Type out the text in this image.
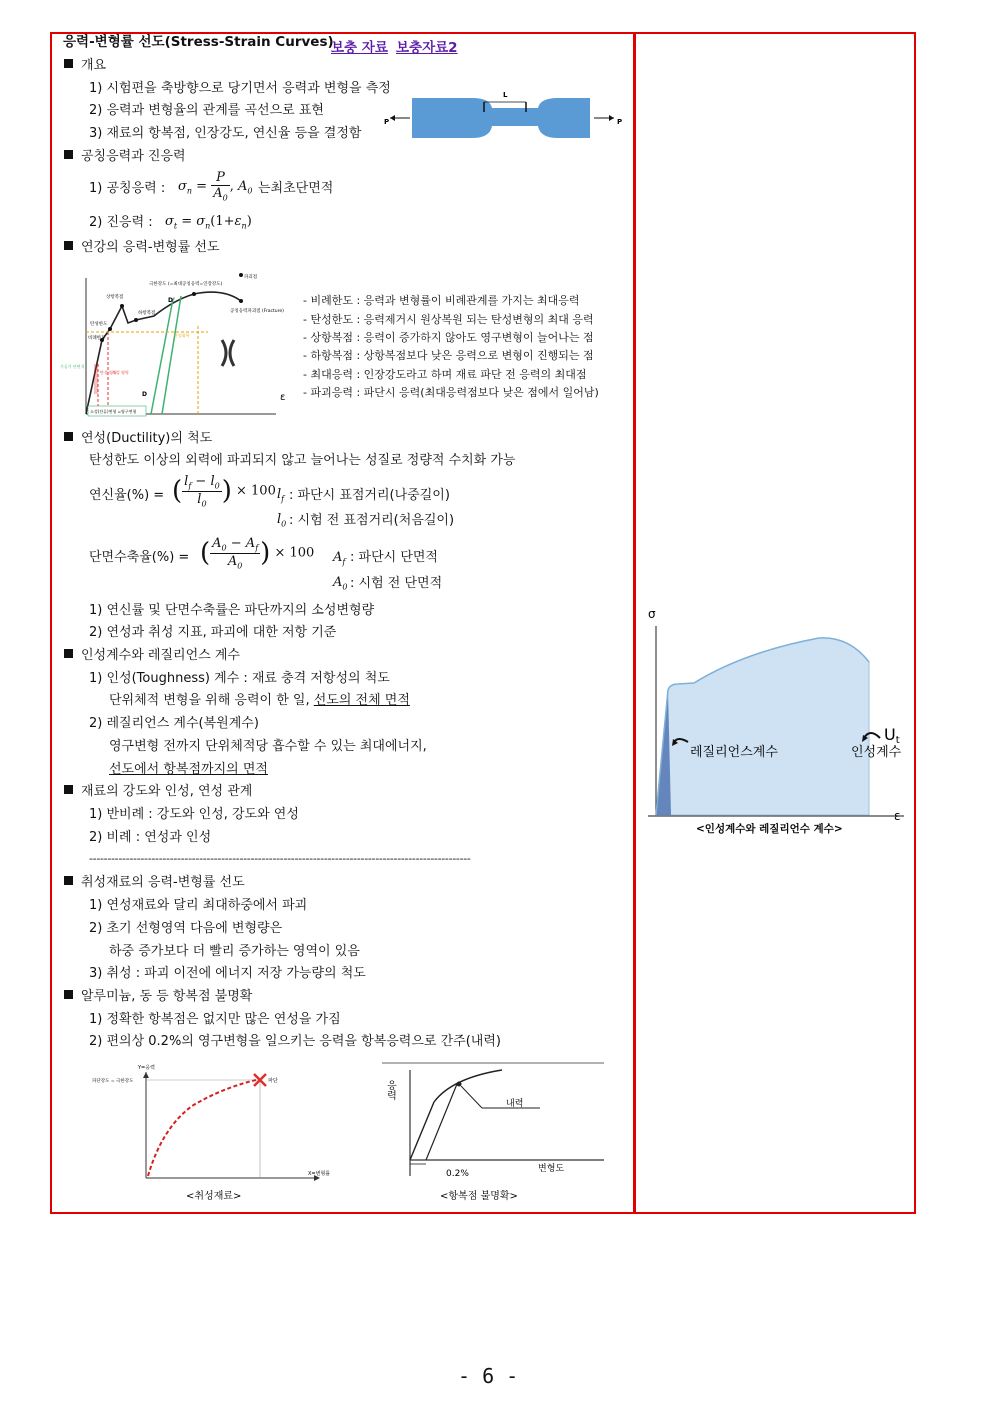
응력-변형률 선도(Stress-Strain Curves)
보충 자료 보충자료2
개요
1) 시험편을 축방향으로 당기면서 응력과 변형을 측정
2) 응력과 변형율의 관계를 곡선으로 표현
3) 재료의 항복점, 인장강도, 연신율 등을 결정함
L
P	P
공칭응력과 진응력
1) 공칭응력 : $\sigma_n = \frac{P}{A_0}$ , $A_0$ 는최초단면적
2) 진응력 : $\sigma_t = \sigma_n(1+\varepsilon_n)$
연강의 응력-변형률 선도
ε
파괴점
극한강도 (=최대공칭응력=인장강도)
공칭응력파괴점 (Fracture)
상항복점
하항복점
탄성한도
비례한도
D'
D
탄성 영역
소성 영역
가공기 단면적
탄성회복
소성(잔류)변형 =영구변형
- 비례한도 : 응력과 변형률이 비례관계를 가지는 최대응력
- 탄성한도 : 응력제거시 원상복원 되는 탄성변형의 최대 응력
- 상항복점 : 응력이 증가하지 않아도 영구변형이 늘어나는 점
- 하항복점 : 상항복점보다 낮은 응력으로 변형이 진행되는 점
- 최대응력 : 인장강도라고 하며 재료 파단 전 응력의 최대점
- 파괴응력 : 파단시 응력(최대응력점보다 낮은 점에서 일어남)
연성(Ductility)의 척도
탄성한도 이상의 외력에 파괴되지 않고 늘어나는 성질로 정량적 수치화 가능
연신율(%) = ( $\frac{l_f - l_0}{l_0}$ ) × 100 $l_f$ : 파단시 표점거리(나중길이)
$l_0$ : 시험 전 표점거리(처음길이)
단면수축율(%) = ( $\frac{A_0 - A_f}{A_0}$ ) × 100 $A_f$ : 파단시 단면적
$A_0$ : 시험 전 단면적
1) 연신률 및 단면수축률은 파단까지의 소성변형량
2) 연성과 취성 지표, 파괴에 대한 저항 기준
인성계수와 레질리언스 계수
1) 인성(Toughness) 계수 : 재료 충격 저항성의 척도
단위체적 변형을 위해 응력이 한 일, 선도의 전체 면적
2) 레질리언스 계수(복원계수)
영구변형 전까지 단위체적당 흡수할 수 있는 최대에너지,
선도에서 항복점까지의 면적
재료의 강도와 인성, 연성 관계
1) 반비례 : 강도와 인성, 강도와 연성
2) 비례 : 연성과 인성
--------------------------------------------------------------------------------------------------------
취성재료의 응력-변형률 선도
1) 연성재료와 달리 최대하중에서 파괴
2) 초기 선형영역 다음에 변형량은
하중 증가보다 더 빨리 증가하는 영역이 있음
3) 취성 : 파괴 이전에 에너지 저장 가능량의 척도
알루미늄, 동 등 항복점 불명확
1) 정확한 항복점은 없지만 많은 연성을 가짐
2) 편의상 0.2%의 영구변형을 일으키는 응력을 항복응력으로 간주(내력)
Y=응력
X=변형률
파단강도 = 극한강도	파단
<취성재료>
응력
변형도
내력
0.2%
<항복점 불명확>
σ
ε
레질리언스계수
Ut
인성계수
<인성계수와 레질리언수 계수>
- 6 -
